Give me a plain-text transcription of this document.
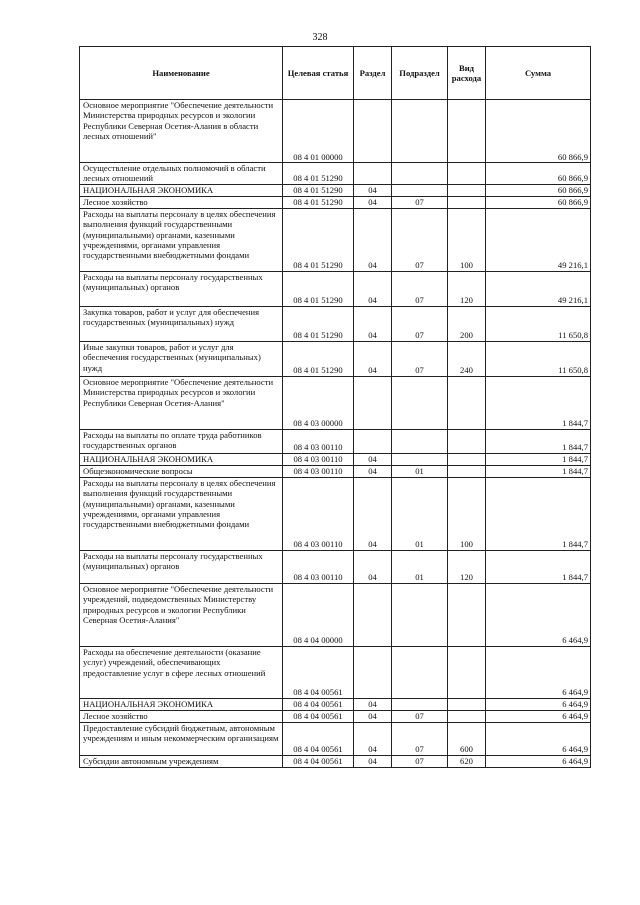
328
Наименование	Целевая статья	Раздел	Подраздел	Вид расхода	Сумма
Основное мероприятие "Обеспечение деятельности Министерства природных ресурсов и экологии Республики Северная Осетия-Алания в области лесных отношений"	08 4 01 00000				60 866,9
Осуществление отдельных полномочий в области лесных отношений	08 4 01 51290				60 866,9
НАЦИОНАЛЬНАЯ ЭКОНОМИКА	08 4 01 51290	04			60 866,9
Лесное хозяйство	08 4 01 51290	04	07		60 866,9
Расходы на выплаты персоналу в целях обеспечения выполнения функций государственными (муниципальными) органами, казенными учреждениями, органами управления государственными внебюджетными фондами	08 4 01 51290	04	07	100	49 216,1
Расходы на выплаты персоналу государственных (муниципальных) органов	08 4 01 51290	04	07	120	49 216,1
Закупка товаров, работ и услуг для обеспечения государственных (муниципальных) нужд	08 4 01 51290	04	07	200	11 650,8
Иные закупки товаров, работ и услуг для обеспечения государственных (муниципальных) нужд	08 4 01 51290	04	07	240	11 650,8
Основное мероприятие "Обеспечение деятельности Министерства природных ресурсов и экологии Республики Северная Осетия-Алания"	08 4 03 00000				1 844,7
Расходы на выплаты по оплате труда работников государственных органов	08 4 03 00110				1 844,7
НАЦИОНАЛЬНАЯ ЭКОНОМИКА	08 4 03 00110	04			1 844,7
Общеэкономические вопросы	08 4 03 00110	04	01		1 844,7
Расходы на выплаты персоналу в целях обеспечения выполнения функций государственными (муниципальными) органами, казенными учреждениями, органами управления государственными внебюджетными фондами	08 4 03 00110	04	01	100	1 844,7
Расходы на выплаты персоналу государственных (муниципальных) органов	08 4 03 00110	04	01	120	1 844,7
Основное мероприятие "Обеспечение деятельности учреждений, подведомственных Министерству природных ресурсов и экологии Республики Северная Осетия-Алания"	08 4 04 00000				6 464,9
Расходы на обеспечение деятельности (оказание услуг) учреждений, обеспечивающих предоставление услуг в сфере лесных отношений	08 4 04 00561				6 464,9
НАЦИОНАЛЬНАЯ ЭКОНОМИКА	08 4 04 00561	04			6 464,9
Лесное хозяйство	08 4 04 00561	04	07		6 464,9
Предоставление субсидий бюджетным, автономным учреждениям и иным некоммерческим организациям	08 4 04 00561	04	07	600	6 464,9
Субсидии автономным учреждениям	08 4 04 00561	04	07	620	6 464,9
